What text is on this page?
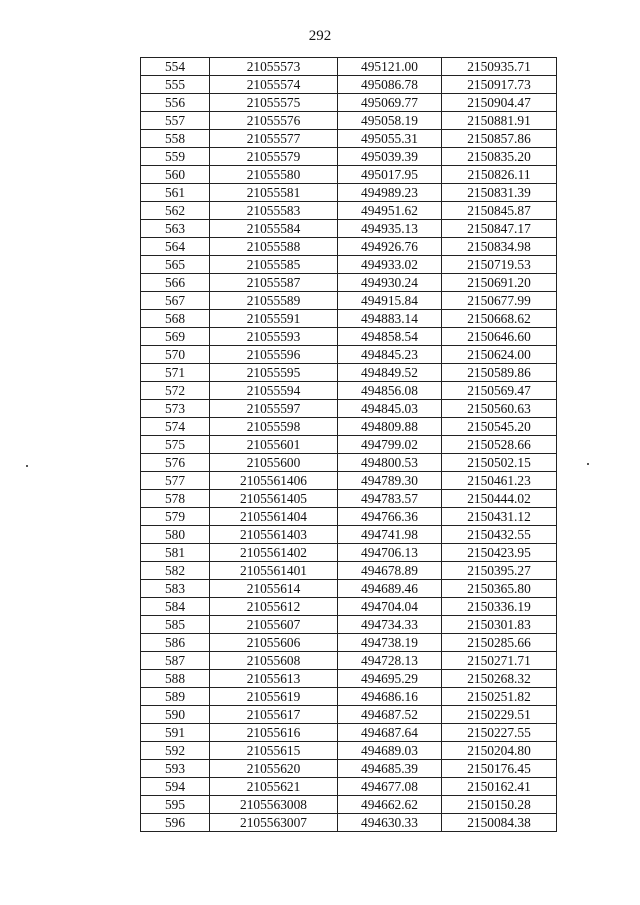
292
554	21055573	495121.00	2150935.71
555	21055574	495086.78	2150917.73
556	21055575	495069.77	2150904.47
557	21055576	495058.19	2150881.91
558	21055577	495055.31	2150857.86
559	21055579	495039.39	2150835.20
560	21055580	495017.95	2150826.11
561	21055581	494989.23	2150831.39
562	21055583	494951.62	2150845.87
563	21055584	494935.13	2150847.17
564	21055588	494926.76	2150834.98
565	21055585	494933.02	2150719.53
566	21055587	494930.24	2150691.20
567	21055589	494915.84	2150677.99
568	21055591	494883.14	2150668.62
569	21055593	494858.54	2150646.60
570	21055596	494845.23	2150624.00
571	21055595	494849.52	2150589.86
572	21055594	494856.08	2150569.47
573	21055597	494845.03	2150560.63
574	21055598	494809.88	2150545.20
575	21055601	494799.02	2150528.66
576	21055600	494800.53	2150502.15
577	2105561406	494789.30	2150461.23
578	2105561405	494783.57	2150444.02
579	2105561404	494766.36	2150431.12
580	2105561403	494741.98	2150432.55
581	2105561402	494706.13	2150423.95
582	2105561401	494678.89	2150395.27
583	21055614	494689.46	2150365.80
584	21055612	494704.04	2150336.19
585	21055607	494734.33	2150301.83
586	21055606	494738.19	2150285.66
587	21055608	494728.13	2150271.71
588	21055613	494695.29	2150268.32
589	21055619	494686.16	2150251.82
590	21055617	494687.52	2150229.51
591	21055616	494687.64	2150227.55
592	21055615	494689.03	2150204.80
593	21055620	494685.39	2150176.45
594	21055621	494677.08	2150162.41
595	2105563008	494662.62	2150150.28
596	2105563007	494630.33	2150084.38
